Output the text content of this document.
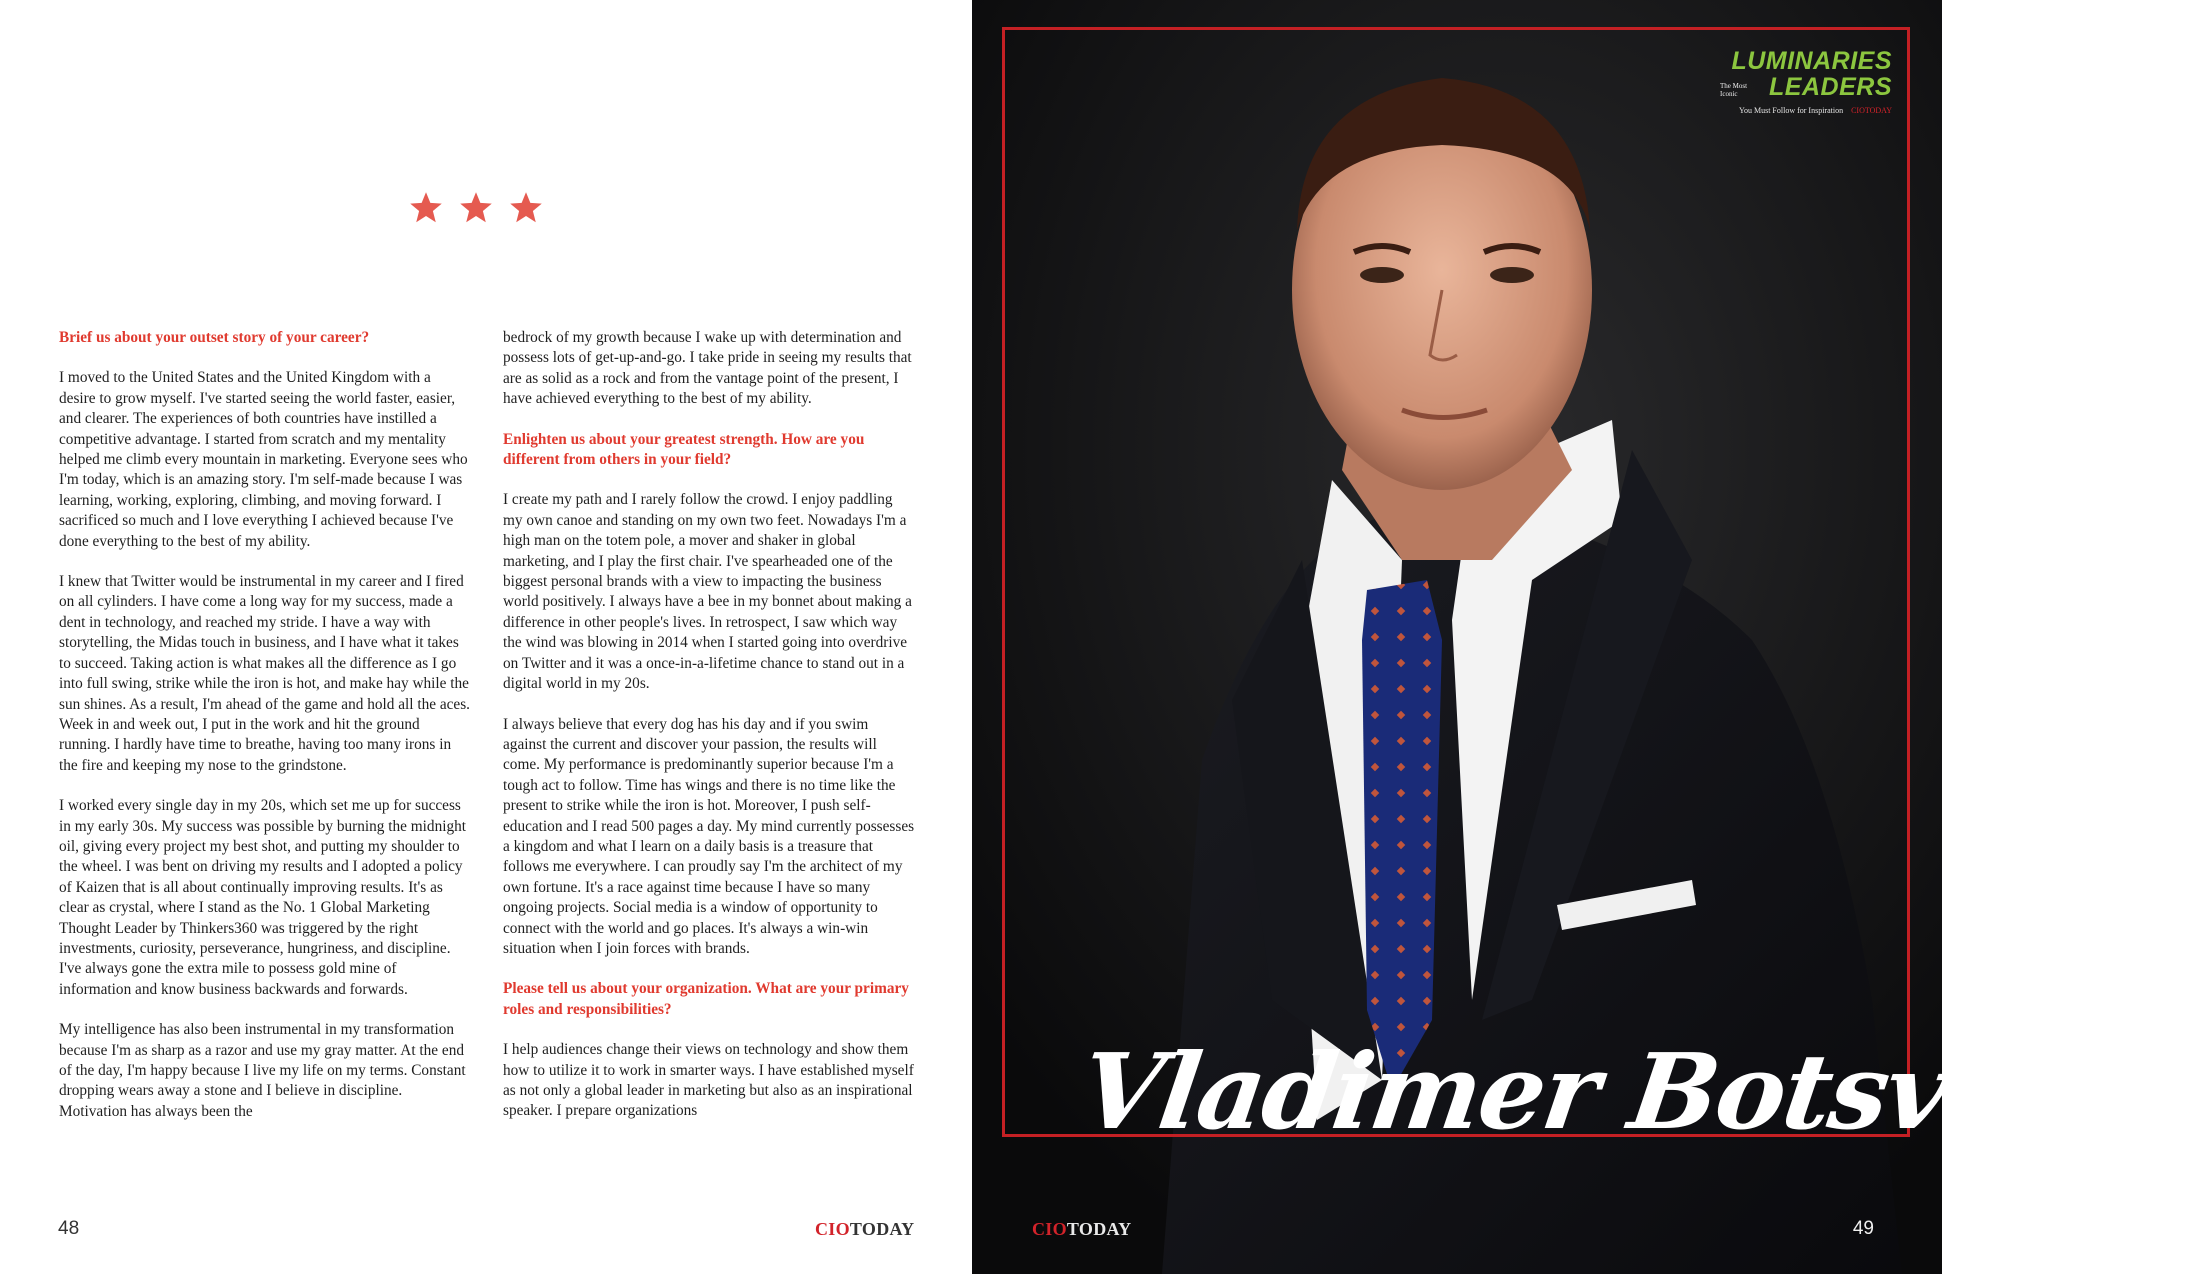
Brief us about your outset story of your career?

I moved to the United States and the United Kingdom with a desire to grow myself. I've started seeing the world faster, easier, and clearer. The experiences of both countries have instilled a competitive advantage. I started from scratch and my mentality helped me climb every mountain in marketing. Everyone sees who I'm today, which is an amazing story. I'm self-made because I was learning, working, exploring, climbing, and moving forward. I sacrificed so much and I love everything I achieved because I've done everything to the best of my ability.

I knew that Twitter would be instrumental in my career and I fired on all cylinders. I have come a long way for my success, made a dent in technology, and reached my stride. I have a way with storytelling, the Midas touch in business, and I have what it takes to succeed. Taking action is what makes all the difference as I go into full swing, strike while the iron is hot, and make hay while the sun shines. As a result, I'm ahead of the game and hold all the aces. Week in and week out, I put in the work and hit the ground running. I hardly have time to breathe, having too many irons in the fire and keeping my nose to the grindstone.

I worked every single day in my 20s, which set me up for success in my early 30s. My success was possible by burning the midnight oil, giving every project my best shot, and putting my shoulder to the wheel. I was bent on driving my results and I adopted a policy of Kaizen that is all about continually improving results. It's as clear as crystal, where I stand as the No. 1 Global Marketing Thought Leader by Thinkers360 was triggered by the right investments, curiosity, perseverance, hungriness, and discipline. I've always gone the extra mile to possess gold mine of information and know business backwards and forwards.

My intelligence has also been instrumental in my transformation because I'm as sharp as a razor and use my gray matter. At the end of the day, I'm happy because I live my life on my terms. Constant dropping wears away a stone and I believe in discipline. Motivation has always been the

bedrock of my growth because I wake up with determination and possess lots of get-up-and-go. I take pride in seeing my results that are as solid as a rock and from the vantage point of the present, I have achieved everything to the best of my ability.

Enlighten us about your greatest strength. How are you different from others in your field?

I create my path and I rarely follow the crowd. I enjoy paddling my own canoe and standing on my own two feet. Nowadays I'm a high man on the totem pole, a mover and shaker in global marketing, and I play the first chair. I've spearheaded one of the biggest personal brands with a view to impacting the business world positively. I always have a bee in my bonnet about making a difference in other people's lives. In retrospect, I saw which way the wind was blowing in 2014 when I started going into overdrive on Twitter and it was a once-in-a-lifetime chance to stand out in a digital world in my 20s.

I always believe that every dog has his day and if you swim against the current and discover your passion, the results will come. My performance is predominantly superior because I'm a tough act to follow. Time has wings and there is no time like the present to strike while the iron is hot. Moreover, I push self-education and I read 500 pages a day. My mind currently possesses a kingdom and what I learn on a daily basis is a treasure that follows me everywhere. I can proudly say I'm the architect of my own fortune. It's a race against time because I have so many ongoing projects. Social media is a window of opportunity to connect with the world and go places. It's always a win-win situation when I join forces with brands.

Please tell us about your organization. What are your primary roles and responsibilities?

I help audiences change their views on technology and show them how to utilize it to work in smarter ways. I have established myself as not only a global leader in marketing but also as an inspirational speaker. I prepare organizations

48	CIOTODAY
LUMINARIES
LEADERS
The Most Iconic
You Must Follow for Inspiration CIOTODAY
Vladimer Botsvadze
CIOTODAY	49
